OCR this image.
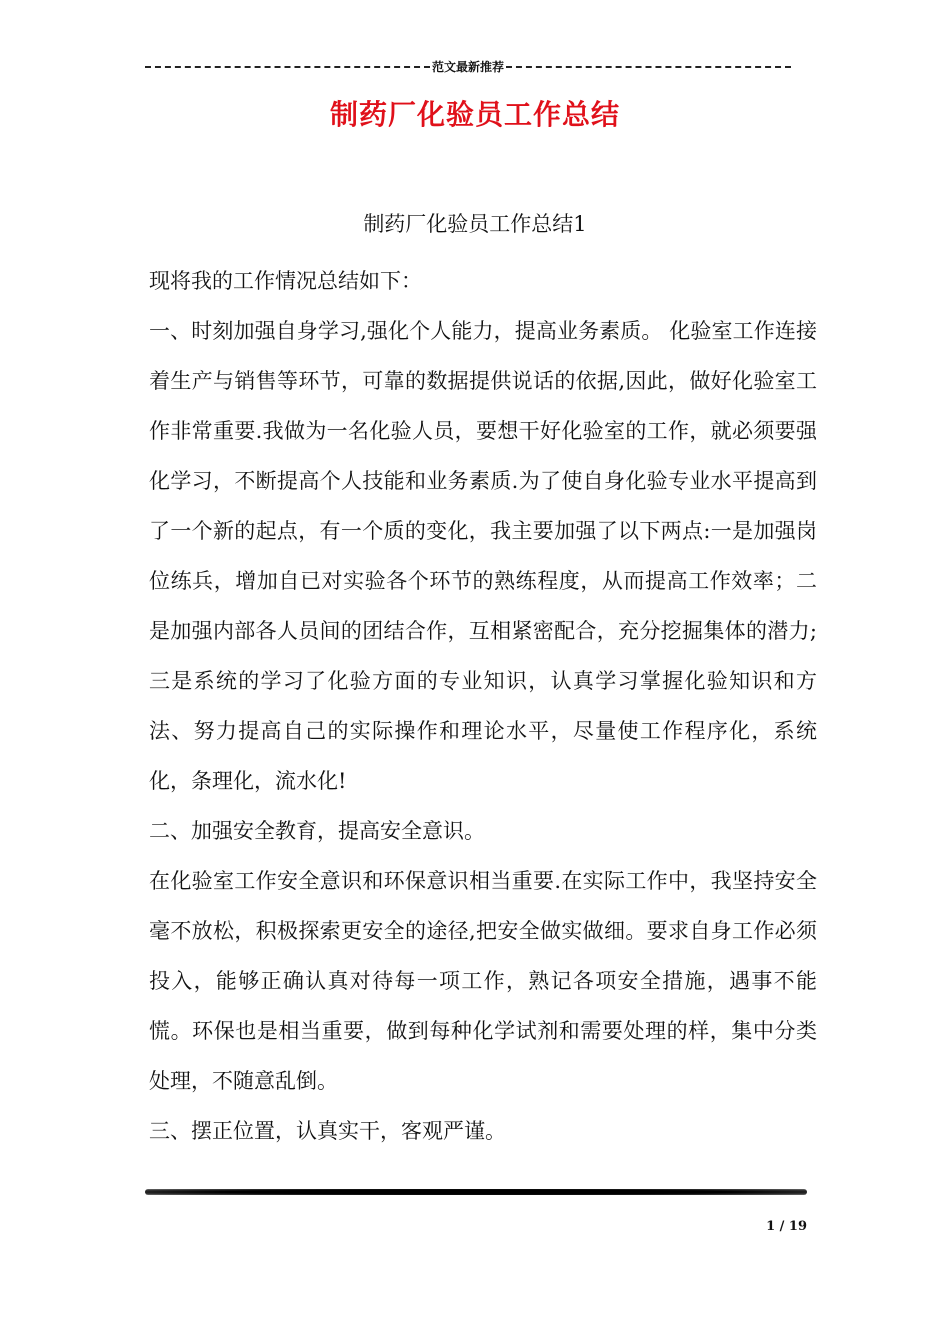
范文最新推荐
制药厂化验员工作总结
制药厂化验员工作总结1

现将我的工作情况总结如下：

一、时刻加强自身学习,强化个人能力，提高业务素质。 化验室工作连接着生产与销售等环节，可靠的数据提供说话的依据,因此，做好化验室工作非常重要.我做为一名化验人员，要想干好化验室的工作，就必须要强化学习，不断提高个人技能和业务素质.为了使自身化验专业水平提高到了一个新的起点，有一个质的变化，我主要加强了以下两点:一是加强岗位练兵，增加自已对实验各个环节的熟练程度，从而提高工作效率；二是加强内部各人员间的团结合作，互相紧密配合，充分挖掘集体的潜力;三是系统的学习了化验方面的专业知识，认真学习掌握化验知识和方法、努力提高自己的实际操作和理论水平，尽量使工作程序化，系统化，条理化，流水化!

二、加强安全教育，提高安全意识。

在化验室工作安全意识和环保意识相当重要.在实际工作中，我坚持安全毫不放松，积极探索更安全的途径,把安全做实做细。要求自身工作必须投入，能够正确认真对待每一项工作，熟记各项安全措施，遇事不能慌。环保也是相当重要，做到每种化学试剂和需要处理的样，集中分类处理，不随意乱倒。

三、摆正位置，认真实干，客观严谨。

1 / 19
